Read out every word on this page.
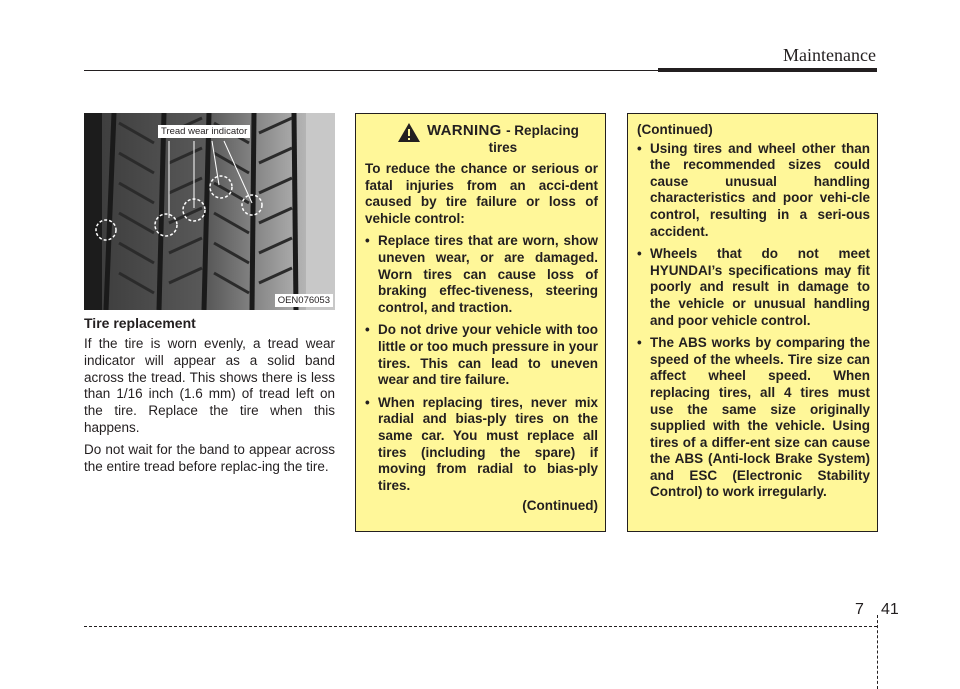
Maintenance
Tread wear indicator
OEN076053
Tire replacement

If the tire is worn evenly, a tread wear indicator will appear as a solid band across the tread. This shows there is less than 1/16 inch (1.6 mm) of tread left on the tire. Replace the tire when this happens.

Do not wait for the band to appear across the entire tread before replac-ing the tire.

WARNING - Replacing
tires

To reduce the chance or serious or fatal injuries from an acci-dent caused by tire failure or loss of vehicle control:

• Replace tires that are worn, show uneven wear, or are damaged. Worn tires can cause loss of braking effec-tiveness, steering control, and traction.
• Do not drive your vehicle with too little or too much pressure in your tires. This can lead to uneven wear and tire failure.
• When replacing tires, never mix radial and bias-ply tires on the same car. You must replace all tires (including the spare) if moving from radial to bias-ply tires.
(Continued)
(Continued)
• Using tires and wheel other than the recommended sizes could cause unusual handling characteristics and poor vehi-cle control, resulting in a seri-ous accident.
• Wheels that do not meet HYUNDAI’s specifications may fit poorly and result in damage to the vehicle or unusual handling and poor vehicle control.
• The ABS works by comparing the speed of the wheels. Tire size can affect wheel speed. When replacing tires, all 4 tires must use the same size originally supplied with the vehicle. Using tires of a differ-ent size can cause the ABS (Anti-lock Brake System) and ESC (Electronic Stability Control) to work irregularly.
7 41
